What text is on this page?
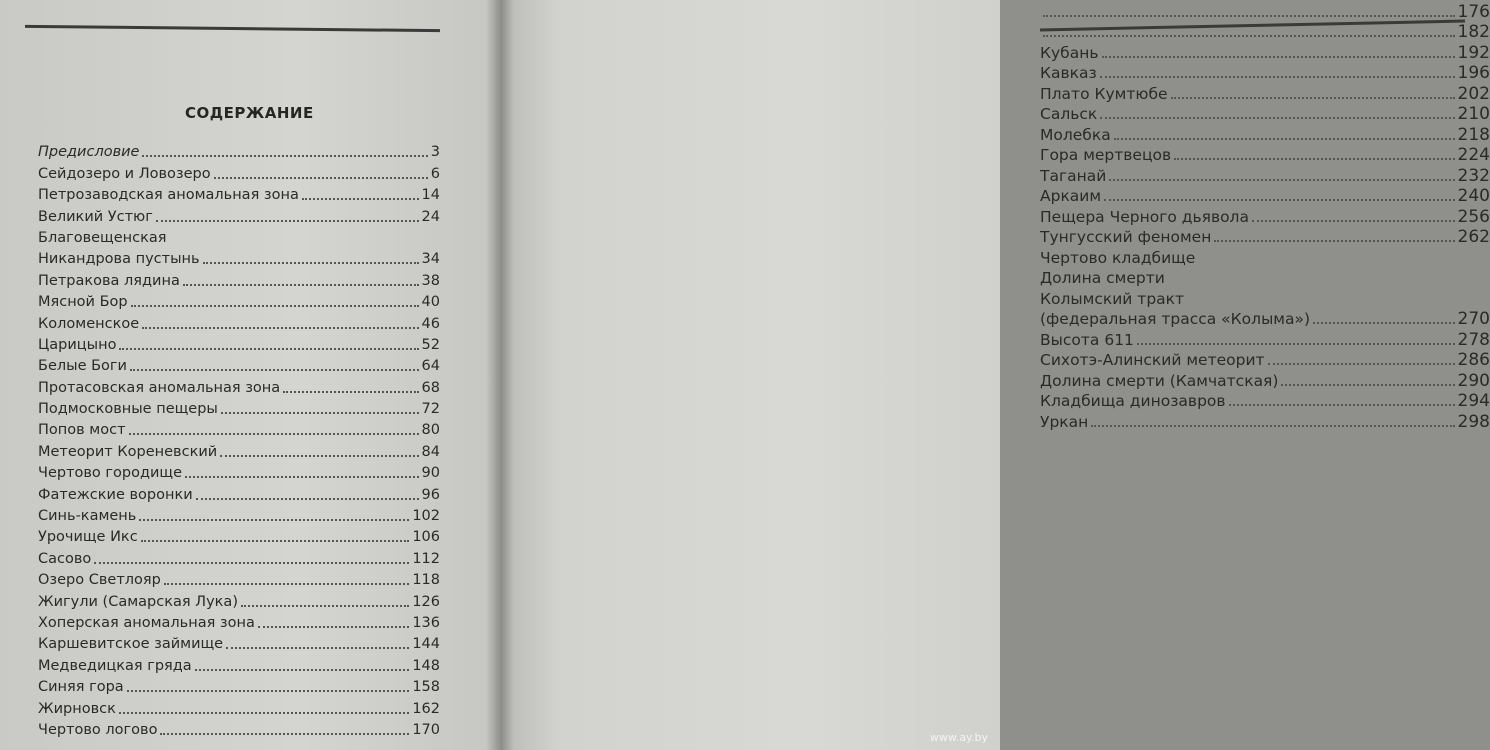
СОДЕРЖАНИЕ
Предисловие	3
Сейдозеро и Ловозеро	6
Петрозаводская аномальная зона	14
Великий Устюг	24
Благовещенская
Никандрова пустынь	34
Петракова лядина	38
Мясной Бор	40
Коломенское	46
Царицыно	52
Белые Боги	64
Протасовская аномальная зона	68
Подмосковные пещеры	72
Попов мост	80
Метеорит Кореневский	84
Чертово городище	90
Фатежские воронки	96
Синь-камень	102
Урочище Икс	106
Сасово	112
Озеро Светлояр	118
Жигули (Самарская Лука)	126
Хоперская аномальная зона	136
Каршевитское займище	144
Медведицкая гряда	148
Синяя гора	158
Жирновск	162
Чертово логово	170
176
182
Кубань	192
Кавказ	196
Плато Кумтюбе	202
Сальск	210
Молебка	218
Гора мертвецов	224
Таганай	232
Аркаим	240
Пещера Черного дьявола	256
Тунгусский феномен	262
Чертово кладбище
Долина смерти
Колымский тракт
(федеральная трасса «Колыма»)	270
Высота 611	278
Сихотэ-Алинский метеорит	286
Долина смерти (Камчатская)	290
Кладбища динозавров	294
Уркан	298
www.ay.by
